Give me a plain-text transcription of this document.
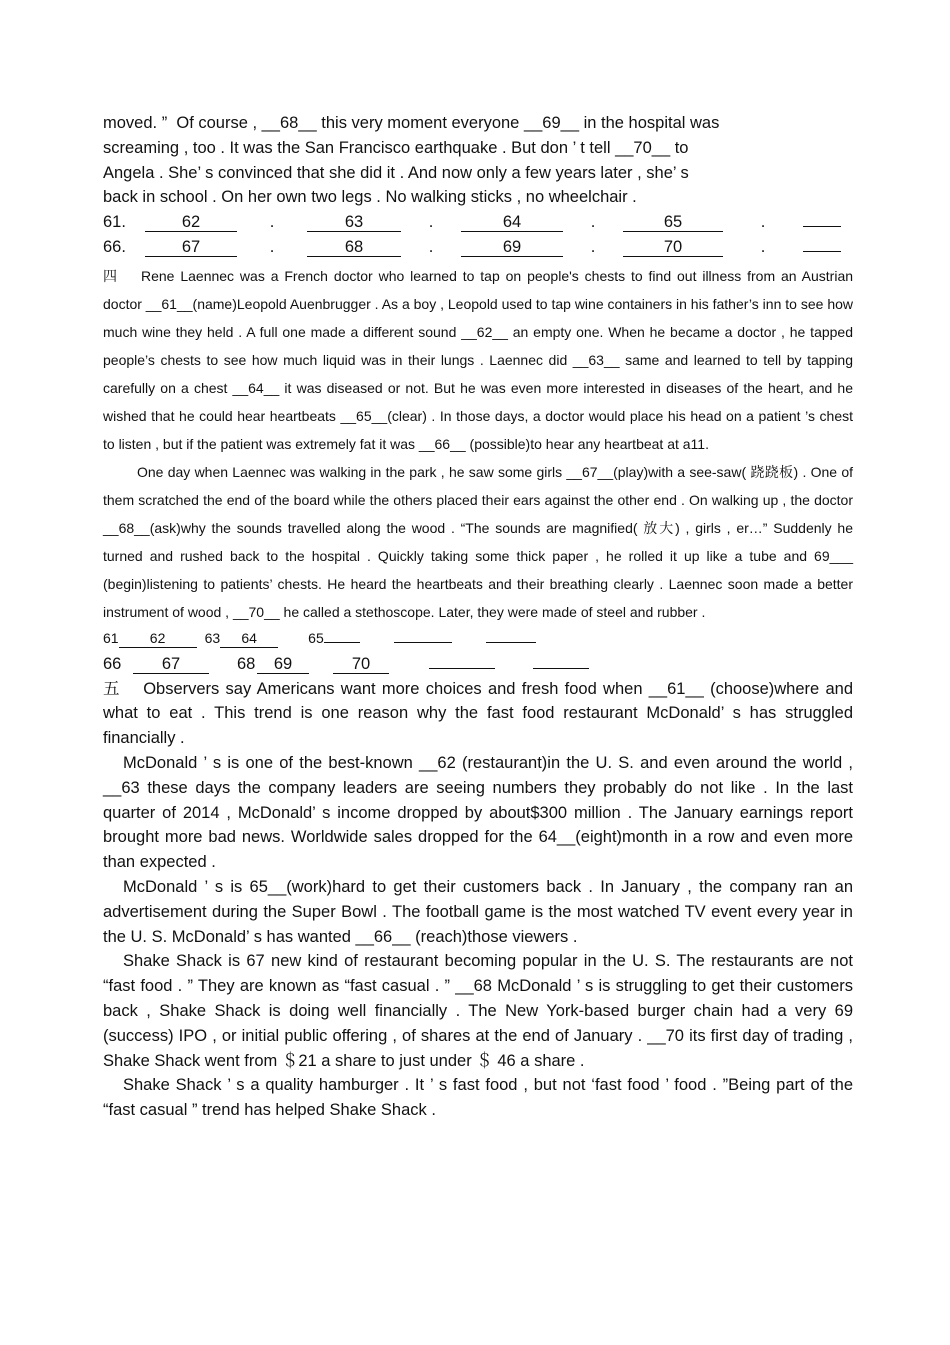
moved. ”  Of course , __68__ this very moment everyone __69__ in the hospital was
screaming , too . It was the San Francisco earthquake . But don ’ t tell __70__ to
Angela . She’ s convinced that she did it . And now only a few years later , she’ s
back in school . On her own two legs . No walking sticks , no wheelchair .
61.	62	.	63	.	64	.	65	.
66.	67	.	68	.	69	.	70	.

四 Rene Laennec was a French doctor who learned to tap on people's chests to find out illness from an Austrian doctor __61__(name)Leopold Auenbrugger . As a boy , Leopold used to tap wine containers in his father’s inn to see how much wine they held . A full one made a different sound __62__ an empty one. When he became a doctor , he tapped people’s chests to see how much liquid was in their lungs . Laennec did __63__ same and learned to tell by tapping carefully on a chest __64__ it was diseased or not. But he was even more interested in diseases of the heart, and he wished that he could hear heartbeats __65__(clear) . In those days, a doctor would place his head on a patient ’s chest to listen , but if the patient was extremely fat it was __66__ (possible)to hear any heartbeat at a11.

One day when Laennec was walking in the park , he saw some girls __67__(play)with a see-saw( 跷跷板) . One of them scratched the end of the board while the others placed their ears against the other end . On walking up , the doctor __68__(ask)why the sounds travelled along the wood . “The sounds are magnified( 放大) , girls , er…” Suddenly he turned and rushed back to the hospital . Quickly taking some thick paper , he rolled it up like a tube and 69___ (begin)listening to patients’ chests. He heard the heartbeats and their breathing clearly . Laennec soon made a better instrument of wood , __70__ he called a stethoscope. Later, they were made of steel and rubber .

61	62	63	64	65
66	67	68	69	70

五 Observers say Americans want more choices and fresh food when __61__ (choose)where and what to eat . This trend is one reason why the fast food restaurant McDonald’ s has struggled financially .

McDonald ’ s is one of the best-known __62 (restaurant)in the U. S. and even around the world , __63 these days the company leaders are seeing numbers they probably do not like . In the last quarter of 2014 , McDonald’ s income dropped by about$300 million . The January earnings report brought more bad news. Worldwide sales dropped for the 64__(eight)month in a row and even more than expected .

McDonald ’ s is 65__(work)hard to get their customers back . In January , the company ran an advertisement during the Super Bowl . The football game is the most watched TV event every year in the U. S. McDonald’ s has wanted __66__ (reach)those viewers .

Shake Shack is 67 new kind of restaurant becoming popular in the U. S. The restaurants are not “fast food . ” They are known as “fast casual . ” __68 McDonald ’ s is struggling to get their customers back , Shake Shack is doing well financially . The New York-based burger chain had a very 69 (success) IPO , or initial public offering , of shares at the end of January . __70 its first day of trading , Shake Shack went from ＄21 a share to just under ＄ 46 a share .

Shake Shack ’ s a quality hamburger . It ’ s fast food , but not ‘fast food ’ food . ”Being part of the “fast casual ” trend has helped Shake Shack .
